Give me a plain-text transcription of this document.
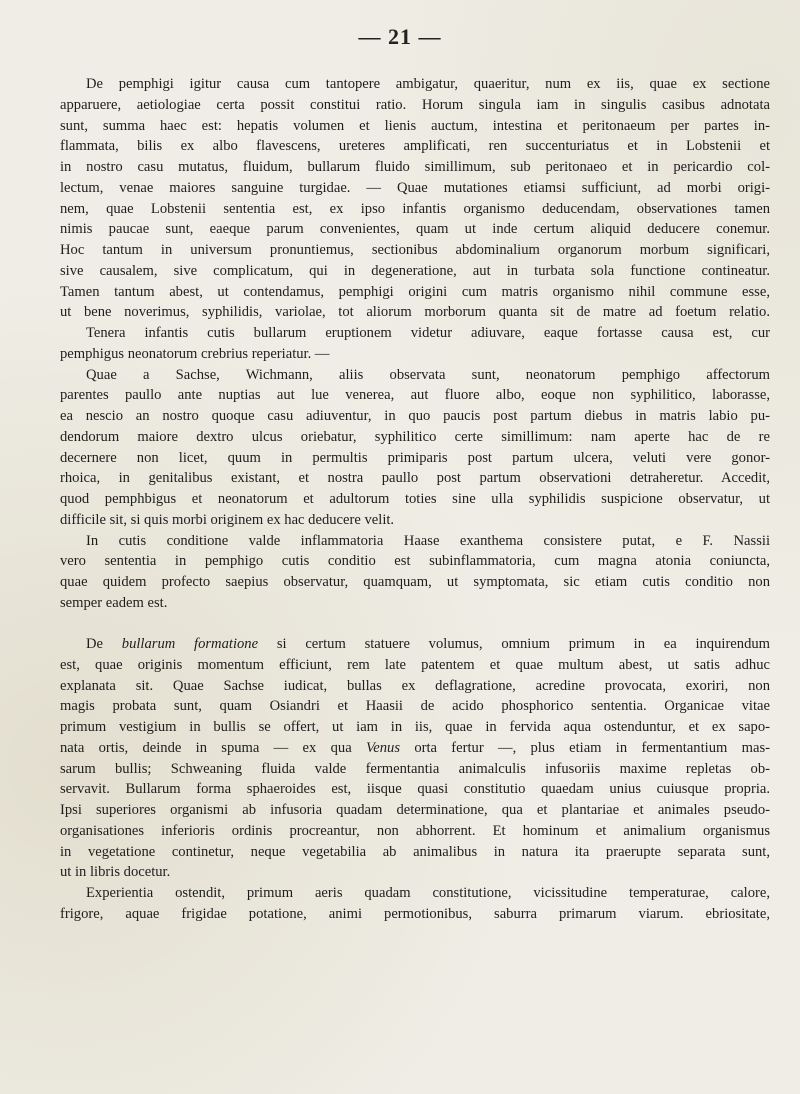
— 21 —
De pemphigi igitur causa cum tantopere ambigatur, quaeritur, num ex iis, quae ex sectione
apparuere, aetiologiae certa possit constitui ratio. Horum singula iam in singulis casibus adnotata
sunt, summa haec est: hepatis volumen et lienis auctum, intestina et peritonaeum per partes in-
flammata, bilis ex albo flavescens, ureteres amplificati, ren succenturiatus et in Lobstenii et
in nostro casu mutatus, fluidum, bullarum fluido simillimum, sub peritonaeo et in pericardio col-
lectum, venae maiores sanguine turgidae. — Quae mutationes etiamsi sufficiunt, ad morbi origi-
nem, quae Lobstenii sententia est, ex ipso infantis organismo deducendam, observationes tamen
nimis paucae sunt, eaeque parum convenientes, quam ut inde certum aliquid deducere conemur.
Hoc tantum in universum pronuntiemus, sectionibus abdominalium organorum morbum significari,
sive causalem, sive complicatum, qui in degeneratione, aut in turbata sola functione contineatur.
Tamen tantum abest, ut contendamus, pemphigi origini cum matris organismo nihil commune esse,
ut bene noverimus, syphilidis, variolae, tot aliorum morborum quanta sit de matre ad foetum relatio.
Tenera infantis cutis bullarum eruptionem videtur adiuvare, eaque fortasse causa est, cur
pemphigus neonatorum crebrius reperiatur. —
Quae a Sachse, Wichmann, aliis observata sunt, neonatorum pemphigo affectorum
parentes paullo ante nuptias aut lue venerea, aut fluore albo, eoque non syphilitico, laborasse,
ea nescio an nostro quoque casu adiuventur, in quo paucis post partum diebus in matris labio pu-
dendorum maiore dextro ulcus oriebatur, syphilitico certe simillimum: nam aperte hac de re
decernere non licet, quum in permultis primiparis post partum ulcera, veluti vere gonor-
rhoica, in genitalibus existant, et nostra paullo post partum observationi detraheretur. Accedit,
quod pemphbigus et neonatorum et adultorum toties sine ulla syphilidis suspicione observatur, ut
difficile sit, si quis morbi originem ex hac deducere velit.
In cutis conditione valde inflammatoria Haase exanthema consistere putat, e F. Nassii
vero sententia in pemphigo cutis conditio est subinflammatoria, cum magna atonia coniuncta,
quae quidem profecto saepius observatur, quamquam, ut symptomata, sic etiam cutis conditio non
semper eadem est.
De bullarum formatione si certum statuere volumus, omnium primum in ea inquirendum
est, quae originis momentum efficiunt, rem late patentem et quae multum abest, ut satis adhuc
explanata sit. Quae Sachse iudicat, bullas ex deflagratione, acredine provocata, exoriri, non
magis probata sunt, quam Osiandri et Haasii de acido phosphorico sententia. Organicae vitae
primum vestigium in bullis se offert, ut iam in iis, quae in fervida aqua ostenduntur, et ex sapo-
nata ortis, deinde in spuma — ex qua Venus orta fertur —, plus etiam in fermentantium mas-
sarum bullis; Schweaning fluida valde fermentantia animalculis infusoriis maxime repletas ob-
servavit. Bullarum forma sphaeroides est, iisque quasi constitutio quaedam unius cuiusque propria.
Ipsi superiores organismi ab infusoria quadam determinatione, qua et plantariae et animales pseudo-
organisationes inferioris ordinis procreantur, non abhorrent. Et hominum et animalium organismus
in vegetatione continetur, neque vegetabilia ab animalibus in natura ita praerupte separata sunt,
ut in libris docetur.
Experientia ostendit, primum aeris quadam constitutione, vicissitudine temperaturae, calore,
frigore, aquae frigidae potatione, animi permotionibus, saburra primarum viarum. ebriositate,
